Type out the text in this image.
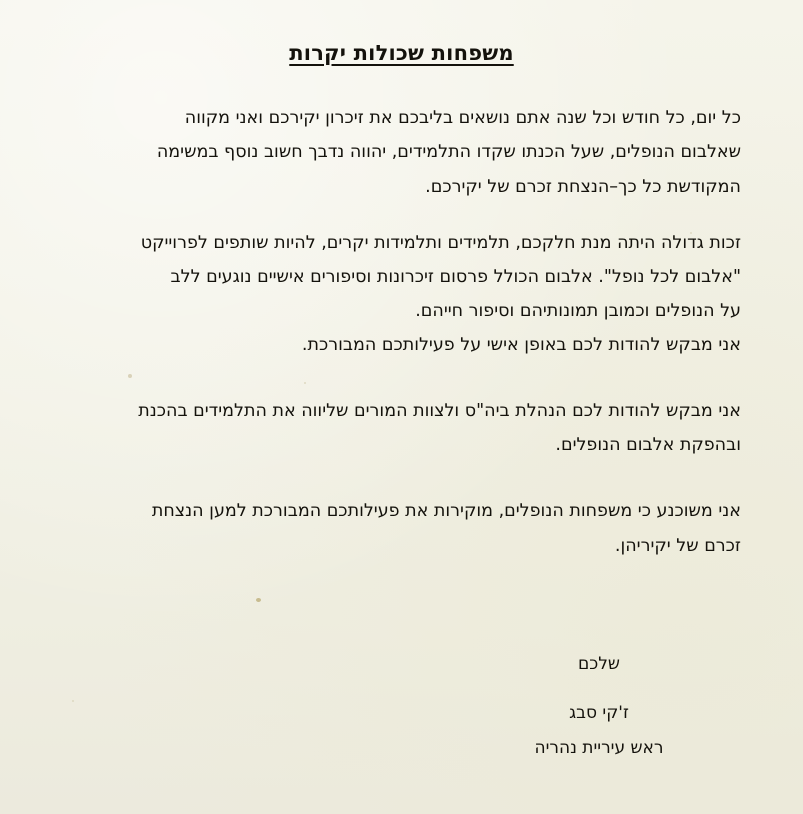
משפחות שכולות יקרות

כל יום, כל חודש וכל שנה אתם נושאים בליבכם את זיכרון יקירכם ואני מקווה
שאלבום הנופלים, שעל הכנתו שקדו התלמידים, יהווה נדבך חשוב נוסף במשימה
המקודשת כל כך–הנצחת זכרם של יקירכם.

זכות גדולה היתה מנת חלקכם, תלמידים ותלמידות יקרים, להיות שותפים לפרוייקט
"אלבום לכל נופל". אלבום הכולל פרסום זיכרונות וסיפורים אישיים נוגעים ללב
על הנופלים וכמובן תמונותיהם וסיפור חייהם.
אני מבקש להודות לכם באופן אישי על פעילותכם המבורכת.

אני מבקש להודות לכם הנהלת ביה"ס ולצוות המורים שליווה את התלמידים בהכנת
ובהפקת אלבום הנופלים.

אני משוכנע כי משפחות הנופלים, מוקירות את פעילותכם המבורכת למען הנצחת
זכרם של יקיריהן.

שלכם
ז'קי סבג
ראש עיריית נהריה
